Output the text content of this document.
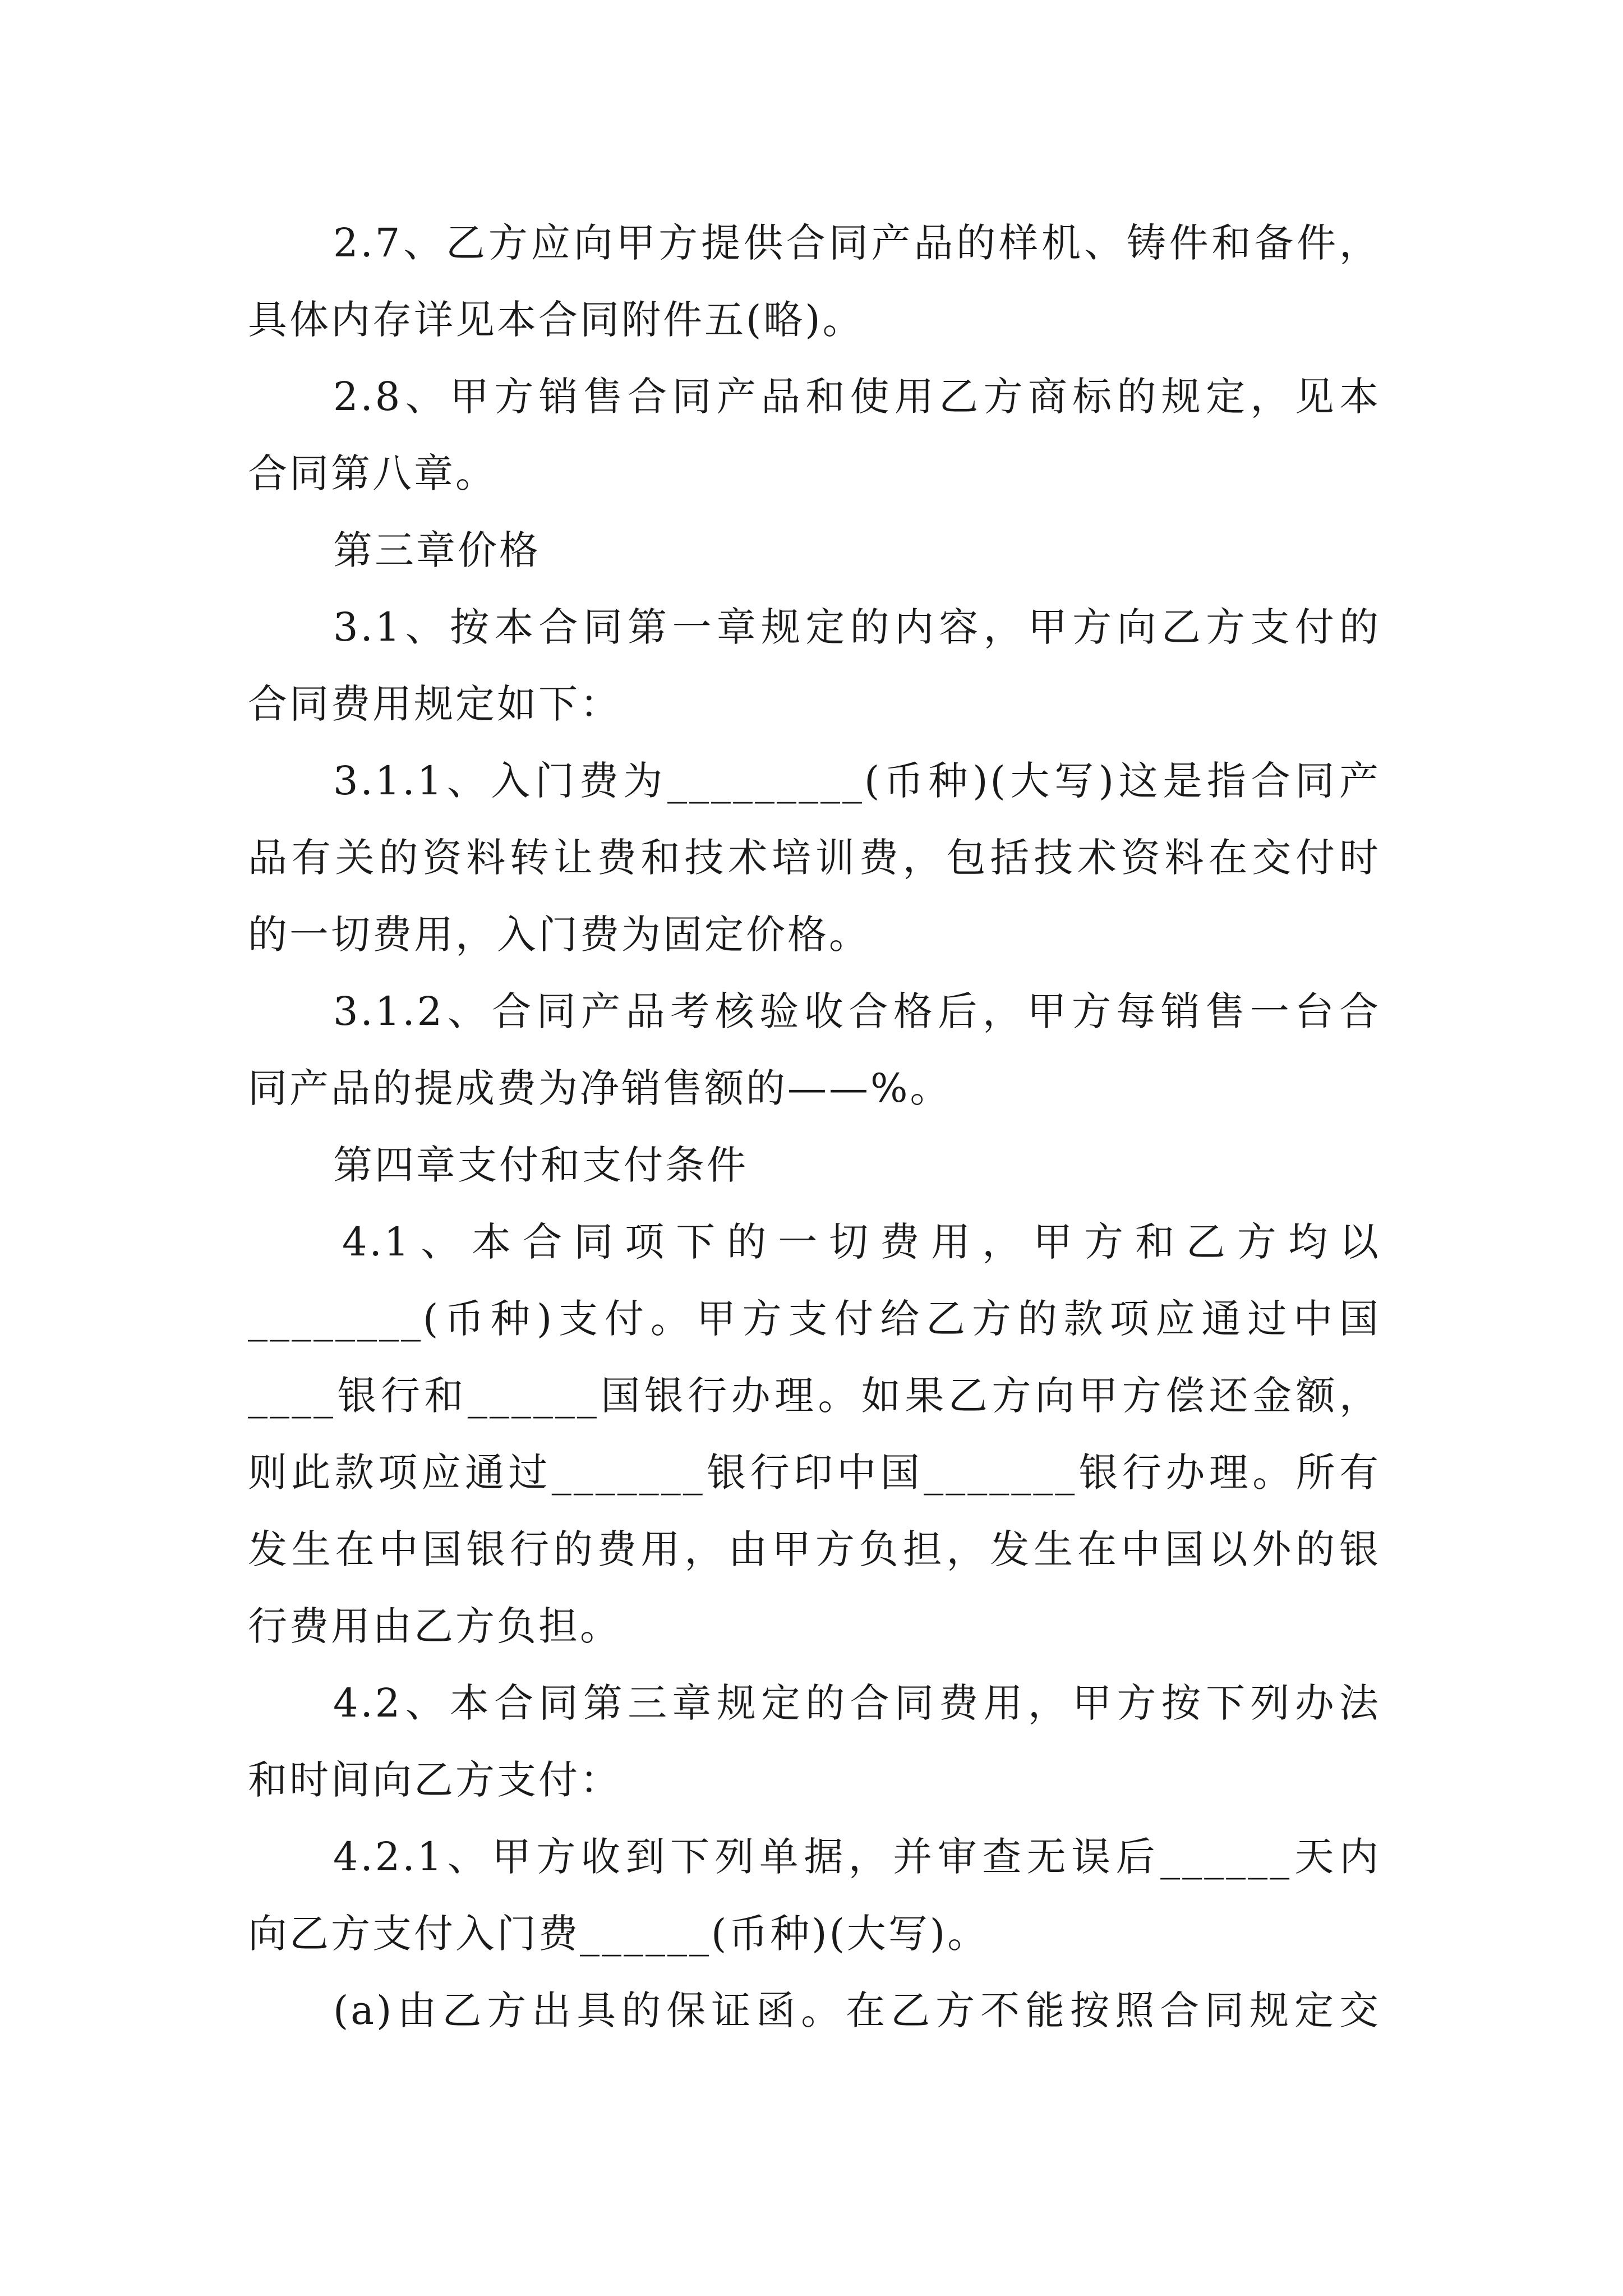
2.7、乙方应向甲方提供合同产品的样机、铸件和备件，
具体内存详见本合同附件五(略)。
2.8、甲方销售合同产品和使用乙方商标的规定，见本
合同第八章。
第三章价格
3.1、按本合同第一章规定的内容，甲方向乙方支付的
合同费用规定如下：
3.1.1、入门费为_________(币种)(大写)这是指合同产
品有关的资料转让费和技术培训费，包括技术资料在交付时
的一切费用，入门费为固定价格。
3.1.2、合同产品考核验收合格后，甲方每销售一台合
同产品的提成费为净销售额的——%。
第四章支付和支付条件
4.1、本合同项下的一切费用，甲方和乙方均以
________(币种)支付。甲方支付给乙方的款项应通过中国
____银行和______国银行办理。如果乙方向甲方偿还金额，
则此款项应通过_______银行印中国_______银行办理。所有
发生在中国银行的费用，由甲方负担，发生在中国以外的银
行费用由乙方负担。
4.2、本合同第三章规定的合同费用，甲方按下列办法
和时间向乙方支付：
4.2.1、甲方收到下列单据，并审查无误后______天内
向乙方支付入门费______(币种)(大写)。
(a)由乙方出具的保证函。在乙方不能按照合同规定交
